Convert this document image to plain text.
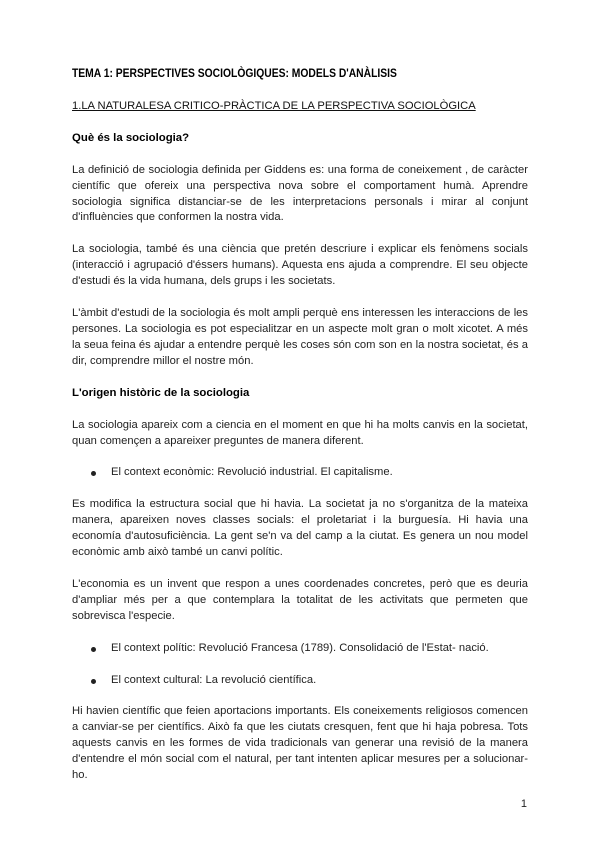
TEMA 1: PERSPECTIVES SOCIOLÒGIQUES: MODELS D'ANÀLISIS
1.LA NATURALESA CRITICO-PRÀCTICA DE LA PERSPECTIVA SOCIOLÒGICA
Què és la sociologia?

La definició de sociologia definida per Giddens es: una forma de coneixement , de caràcter científic que ofereix una perspectiva nova sobre el comportament humà. Aprendre sociologia significa distanciar-se de les interpretacions personals i mirar al conjunt d'influències que conformen la nostra vida.

La sociologia, també és una ciència que pretén descriure i explicar els fenòmens socials (interacció i agrupació d'éssers humans). Aquesta ens ajuda a comprendre. El seu objecte d'estudi és la vida humana, dels grups i les societats.

L'àmbit d'estudi de la sociologia és molt ampli perquè ens interessen les interaccions de les persones. La sociologia es pot especialitzar en un aspecte molt gran o molt xicotet. A més la seua feina és ajudar a entendre perquè les coses són com son en la nostra societat, és a dir, comprendre millor el nostre món.

L'origen històric de la sociologia

La sociologia apareix com a ciencia en el moment en que hi ha molts canvis en la societat, quan començen a apareixer preguntes de manera diferent.

El context econòmic: Revolució industrial. El capitalisme.

Es modifica la estructura social que hi havia. La societat ja no s'organitza de la mateixa manera, apareixen noves classes socials: el proletariat i la burguesía. Hi havia una economía d'autosuficiència. La gent se'n va del camp a la ciutat. Es genera un nou model econòmic amb això també un canvi polític.

L'economia es un invent que respon a unes coordenades concretes, però que es deuria d'ampliar més per a que contemplara la totalitat de les activitats que permeten que sobrevisca l'especie.

El context polític: Revolució Francesa (1789). Consolidació de l'Estat- nació.
El context cultural: La revolució científica.

Hi havien científic que feien aportacions importants. Els coneixements religiosos comencen a canviar-se per científics. Això fa que les ciutats cresquen, fent que hi haja pobresa. Tots aquests canvis en les formes de vida tradicionals van generar una revisió de la manera d'entendre el món social com el natural, per tant intenten aplicar mesures per a solucionar-ho.

1
